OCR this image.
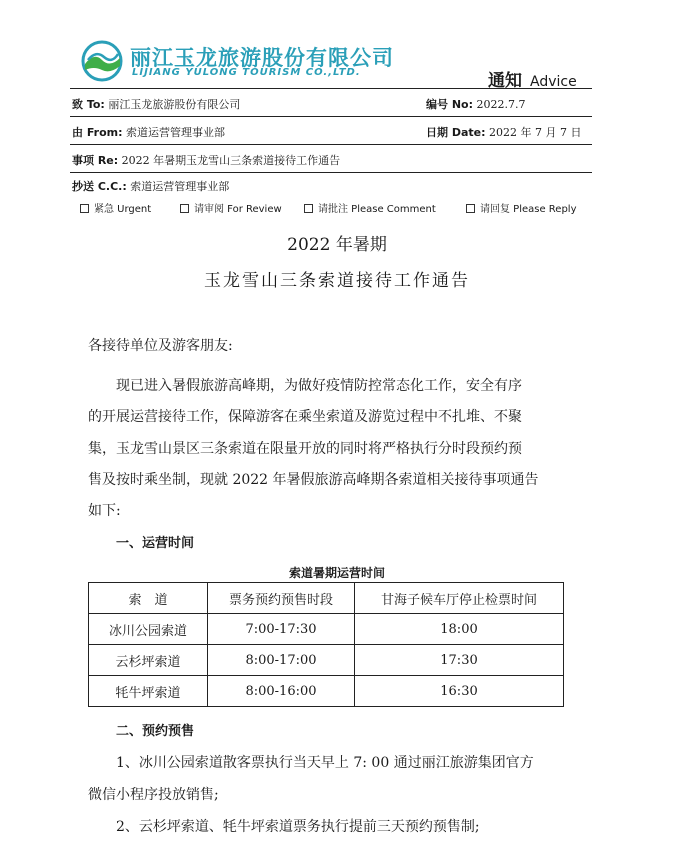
丽江玉龙旅游股份有限公司
LIJIANG YULONG TOURISM CO.,LTD.	通知 Advice
致 To: 丽江玉龙旅游股份有限公司	编号 No: 2022.7.7
由 From: 索道运营管理事业部	日期 Date: 2022 年 7 月 7 日
事项 Re: 2022 年暑期玉龙雪山三条索道接待工作通告
抄送 C.C.: 索道运营管理事业部
紧急 Urgent	请审阅 For Review	请批注 Please Comment	请回复 Please Reply
2022 年暑期
玉龙雪山三条索道接待工作通告
各接待单位及游客朋友:
现已进入暑假旅游高峰期，为做好疫情防控常态化工作，安全有序
的开展运营接待工作，保障游客在乘坐索道及游览过程中不扎堆、不聚
集，玉龙雪山景区三条索道在限量开放的同时将严格执行分时段预约预
售及按时乘坐制，现就 2022 年暑假旅游高峰期各索道相关接待事项通告
如下:
一、运营时间
索道暑期运营时间
索　道	票务预约预售时段	甘海子候车厅停止检票时间
冰川公园索道	7:00-17:30	18:00
云杉坪索道	8:00-17:00	17:30
牦牛坪索道	8:00-16:00	16:30
二、预约预售
1、冰川公园索道散客票执行当天早上 7: 00 通过丽江旅游集团官方
微信小程序投放销售;
2、云杉坪索道、牦牛坪索道票务执行提前三天预约预售制;
